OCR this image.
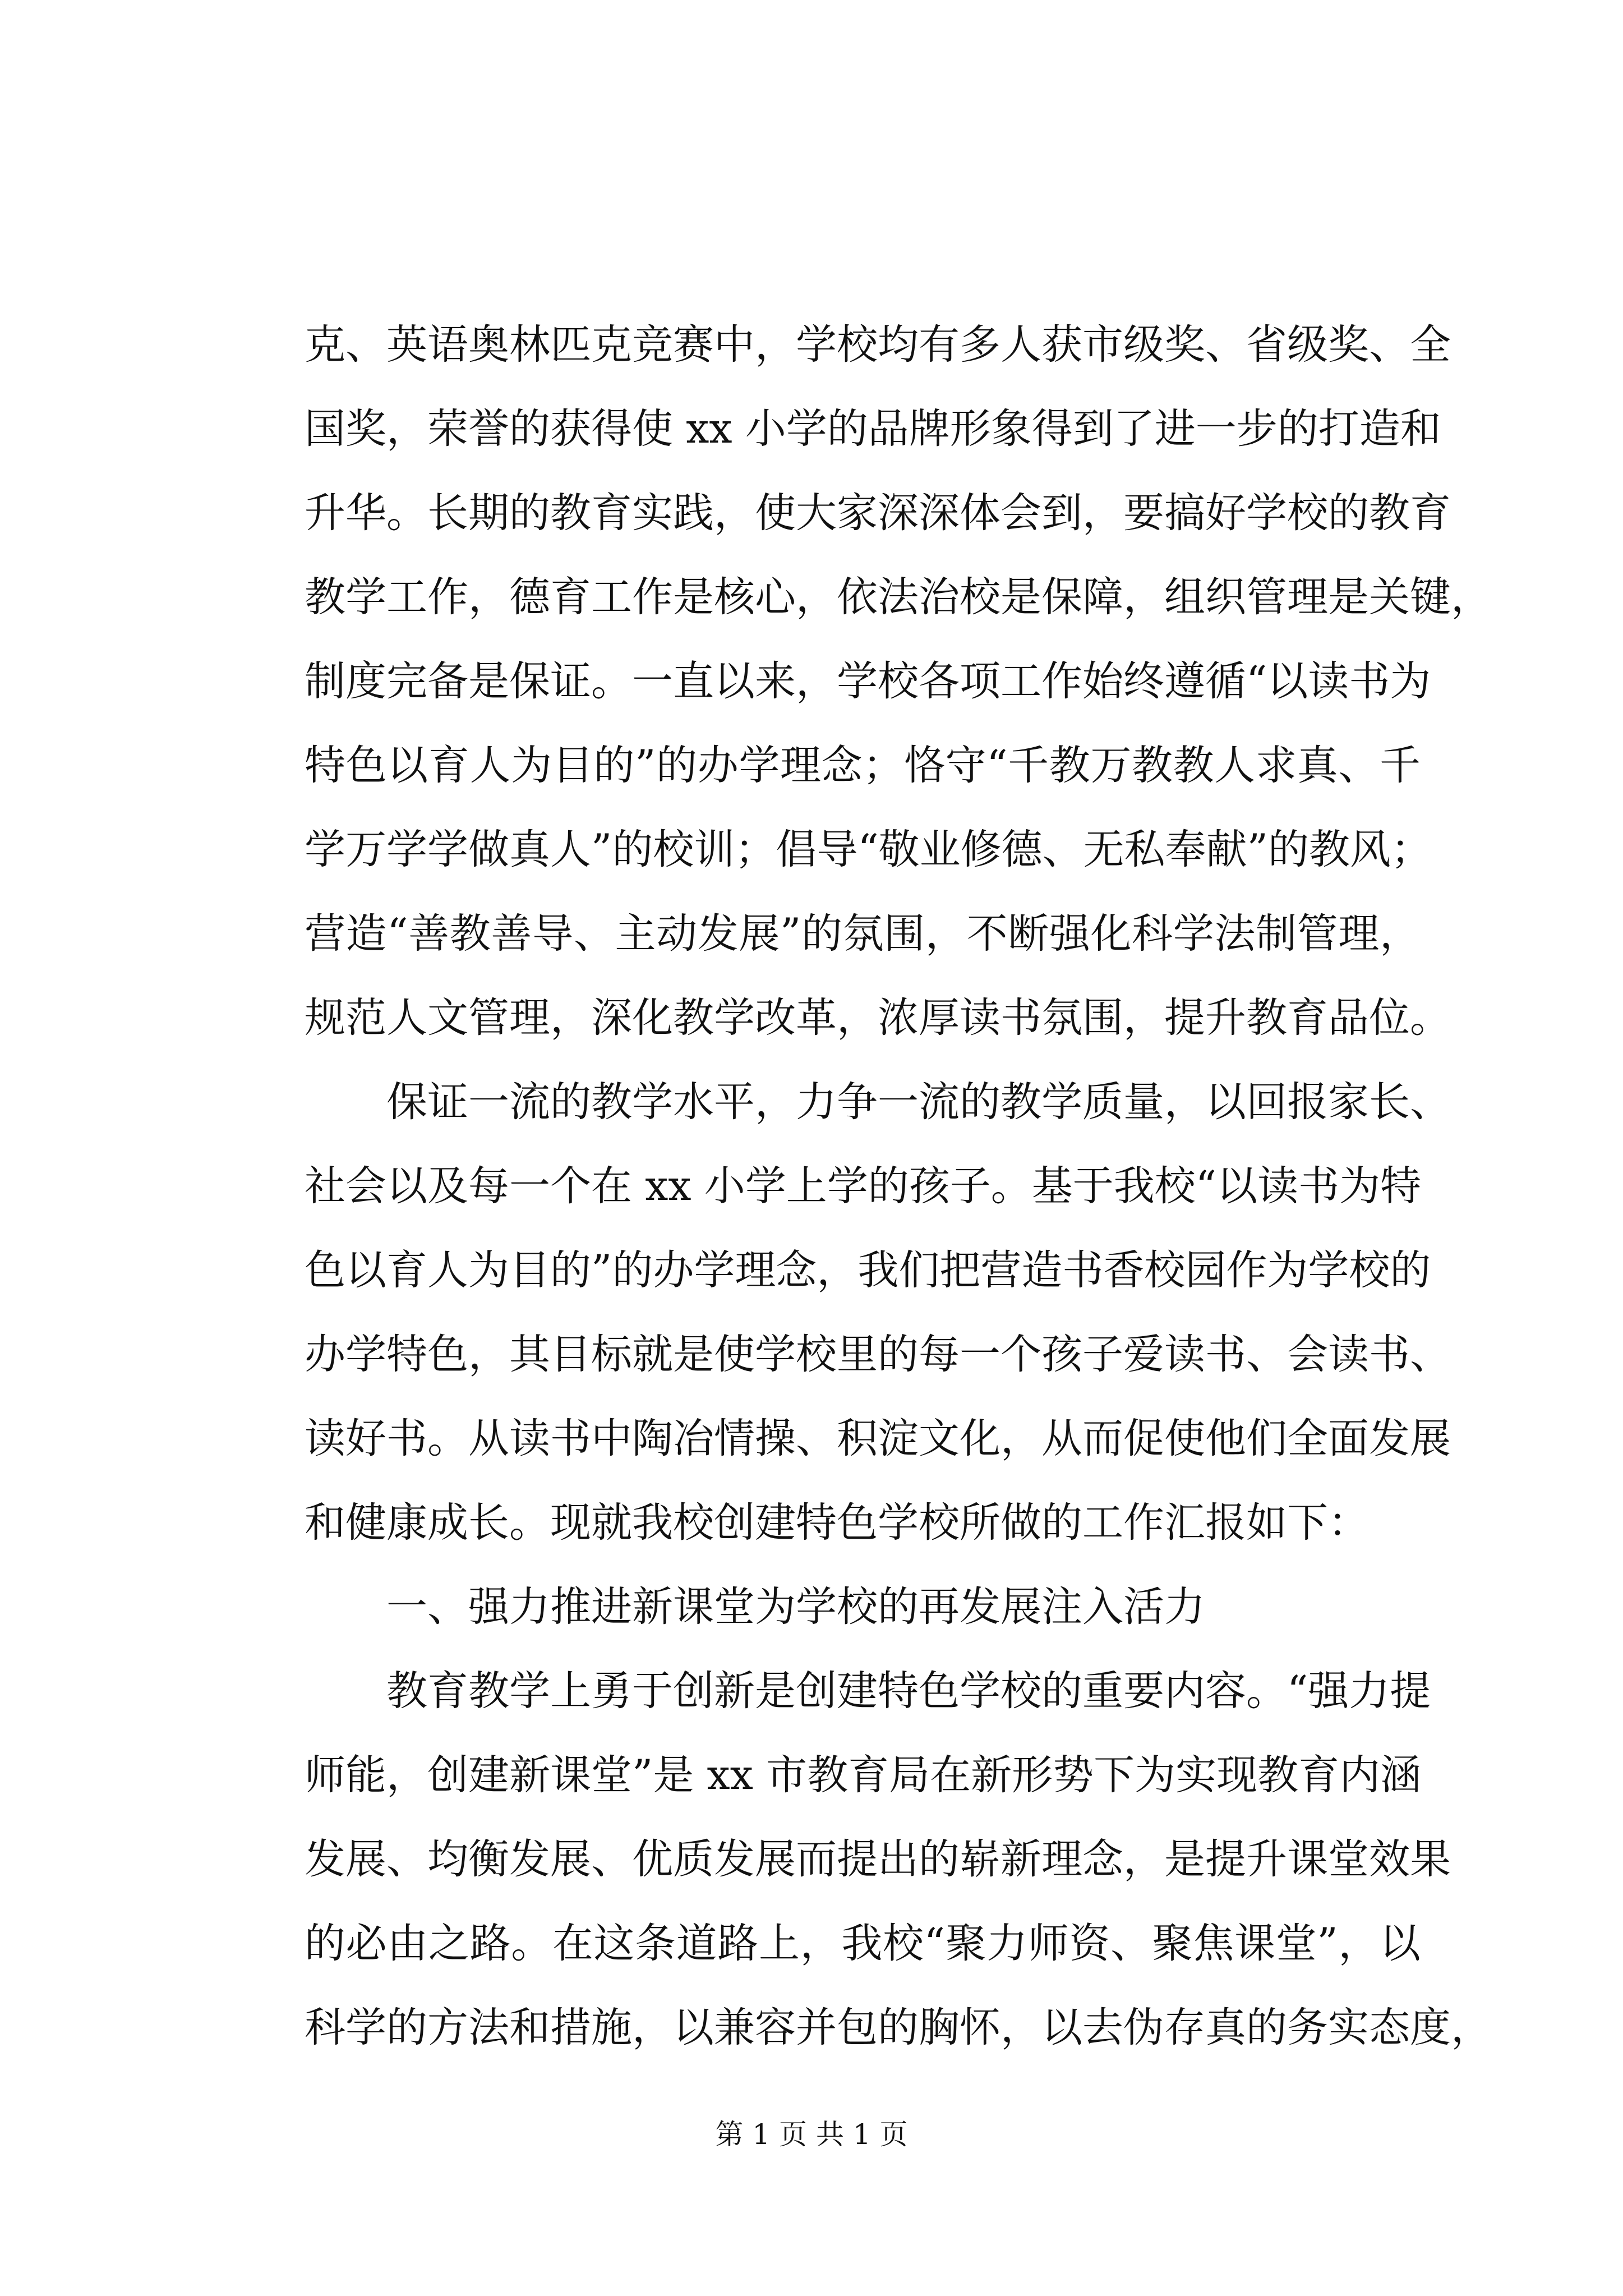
克、英语奥林匹克竞赛中，学校均有多人获市级奖、省级奖、全
国奖，荣誉的获得使 xx 小学的品牌形象得到了进一步的打造和
升华。长期的教育实践，使大家深深体会到，要搞好学校的教育
教学工作，德育工作是核心，依法治校是保障，组织管理是关键，
制度完备是保证。一直以来，学校各项工作始终遵循“以读书为
特色以育人为目的”的办学理念；恪守“千教万教教人求真、千
学万学学做真人”的校训；倡导“敬业修德、无私奉献”的教风；
营造“善教善导、主动发展”的氛围，不断强化科学法制管理，
规范人文管理，深化教学改革，浓厚读书氛围，提升教育品位。
　　保证一流的教学水平，力争一流的教学质量，以回报家长、
社会以及每一个在 xx 小学上学的孩子。基于我校“以读书为特
色以育人为目的”的办学理念，我们把营造书香校园作为学校的
办学特色，其目标就是使学校里的每一个孩子爱读书、会读书、
读好书。从读书中陶冶情操、积淀文化，从而促使他们全面发展
和健康成长。现就我校创建特色学校所做的工作汇报如下：
　　一、强力推进新课堂为学校的再发展注入活力
　　教育教学上勇于创新是创建特色学校的重要内容。“强力提
师能，创建新课堂”是 xx 市教育局在新形势下为实现教育内涵
发展、均衡发展、优质发展而提出的崭新理念，是提升课堂效果
的必由之路。在这条道路上，我校“聚力师资、聚焦课堂”，以
科学的方法和措施，以兼容并包的胸怀，以去伪存真的务实态度，
第 1 页 共 1 页
